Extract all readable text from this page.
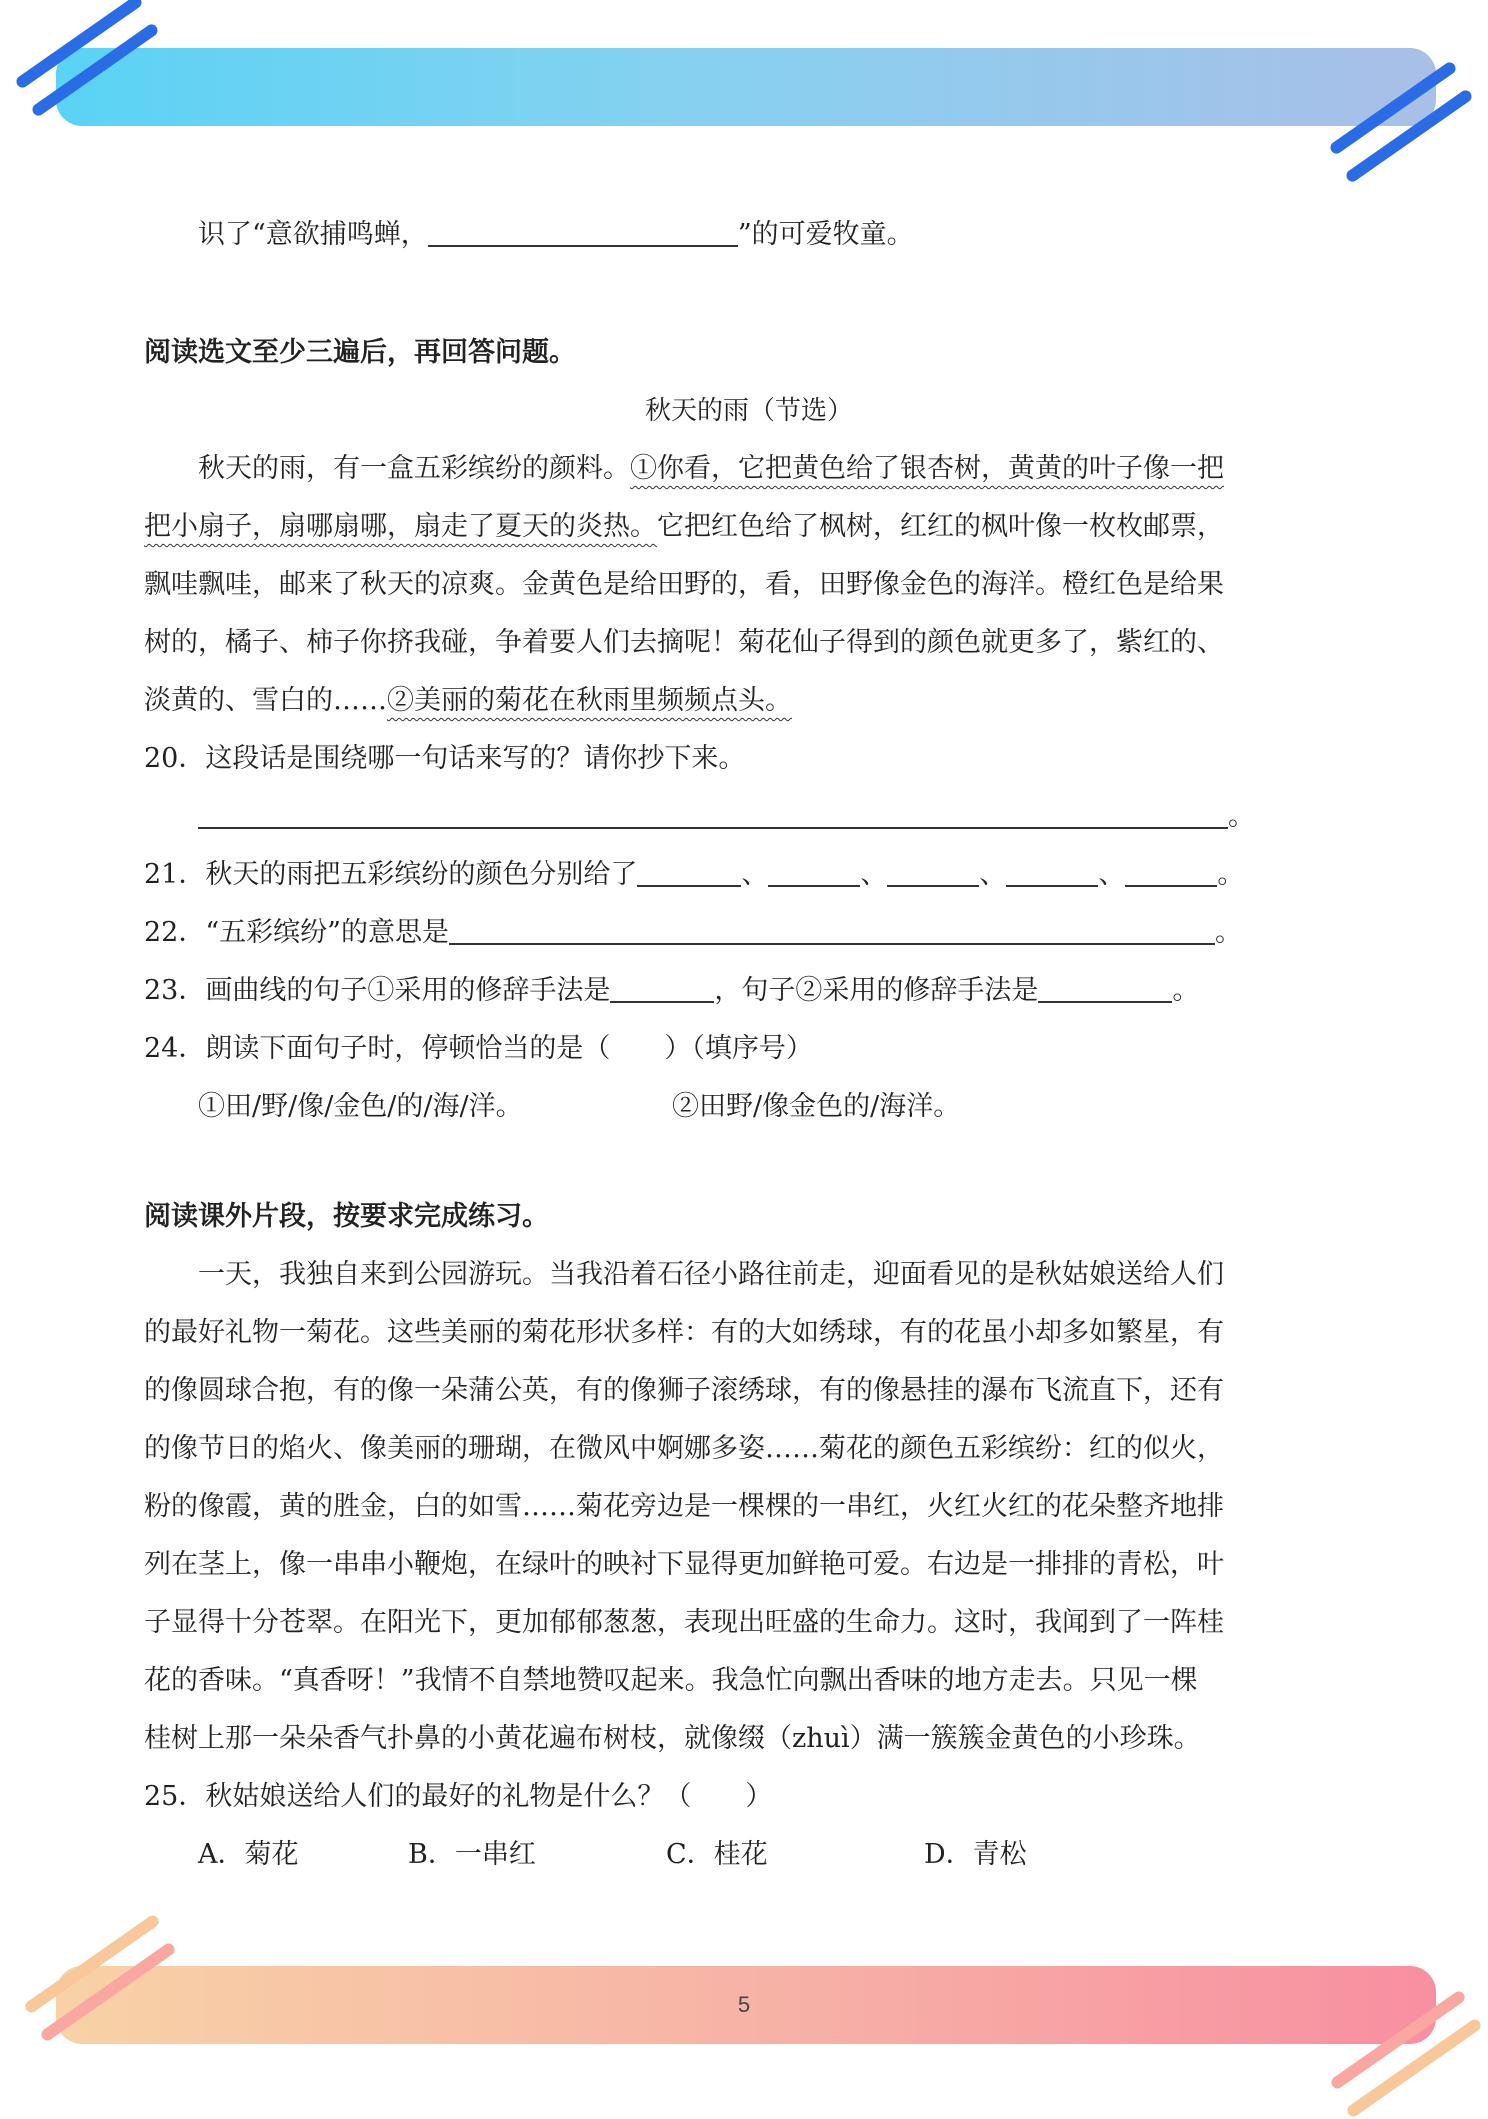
5
识了“意欲捕鸣蝉，	”的可爱牧童。
阅读选文至少三遍后，再回答问题。
秋天的雨（节选）
秋天的雨，有一盒五彩缤纷的颜料。①你看，它把黄色给了银杏树，黄黄的叶子像一把
把小扇子，扇哪扇哪，扇走了夏天的炎热。它把红色给了枫树，红红的枫叶像一枚枚邮票，
飘哇飘哇，邮来了秋天的凉爽。金黄色是给田野的，看，田野像金色的海洋。橙红色是给果
树的，橘子、柿子你挤我碰，争着要人们去摘呢！菊花仙子得到的颜色就更多了，紫红的、
淡黄的、雪白的……②美丽的菊花在秋雨里频频点头。
20．这段话是围绕哪一句话来写的？请你抄下来。
。
21．秋天的雨把五彩缤纷的颜色分别给了	、	、	、	、	。
22．“五彩缤纷”的意思是	。
23．画曲线的句子①采用的修辞手法是	，句子②采用的修辞手法是	。
24．朗读下面句子时，停顿恰当的是（　　）（填序号）
①田/野/像/金色/的/海/洋。	②田野/像金色的/海洋。
阅读课外片段，按要求完成练习。
一天，我独自来到公园游玩。当我沿着石径小路往前走，迎面看见的是秋姑娘送给人们
的最好礼物一菊花。这些美丽的菊花形状多样：有的大如绣球，有的花虽小却多如繁星，有
的像圆球合抱，有的像一朵蒲公英，有的像狮子滚绣球，有的像悬挂的瀑布飞流直下，还有
的像节日的焰火、像美丽的珊瑚，在微风中婀娜多姿……菊花的颜色五彩缤纷：红的似火，
粉的像霞，黄的胜金，白的如雪……菊花旁边是一棵棵的一串红，火红火红的花朵整齐地排
列在茎上，像一串串小鞭炮，在绿叶的映衬下显得更加鲜艳可爱。右边是一排排的青松，叶
子显得十分苍翠。在阳光下，更加郁郁葱葱，表现出旺盛的生命力。这时，我闻到了一阵桂
花的香味。“真香呀！”我情不自禁地赞叹起来。我急忙向飘出香味的地方走去。只见一棵
桂树上那一朵朵香气扑鼻的小黄花遍布树枝，就像缀（zhuì）满一簇簇金黄色的小珍珠。
25．秋姑娘送给人们的最好的礼物是什么？（　　）
A．菊花	B．一串红	C．桂花	D．青松
